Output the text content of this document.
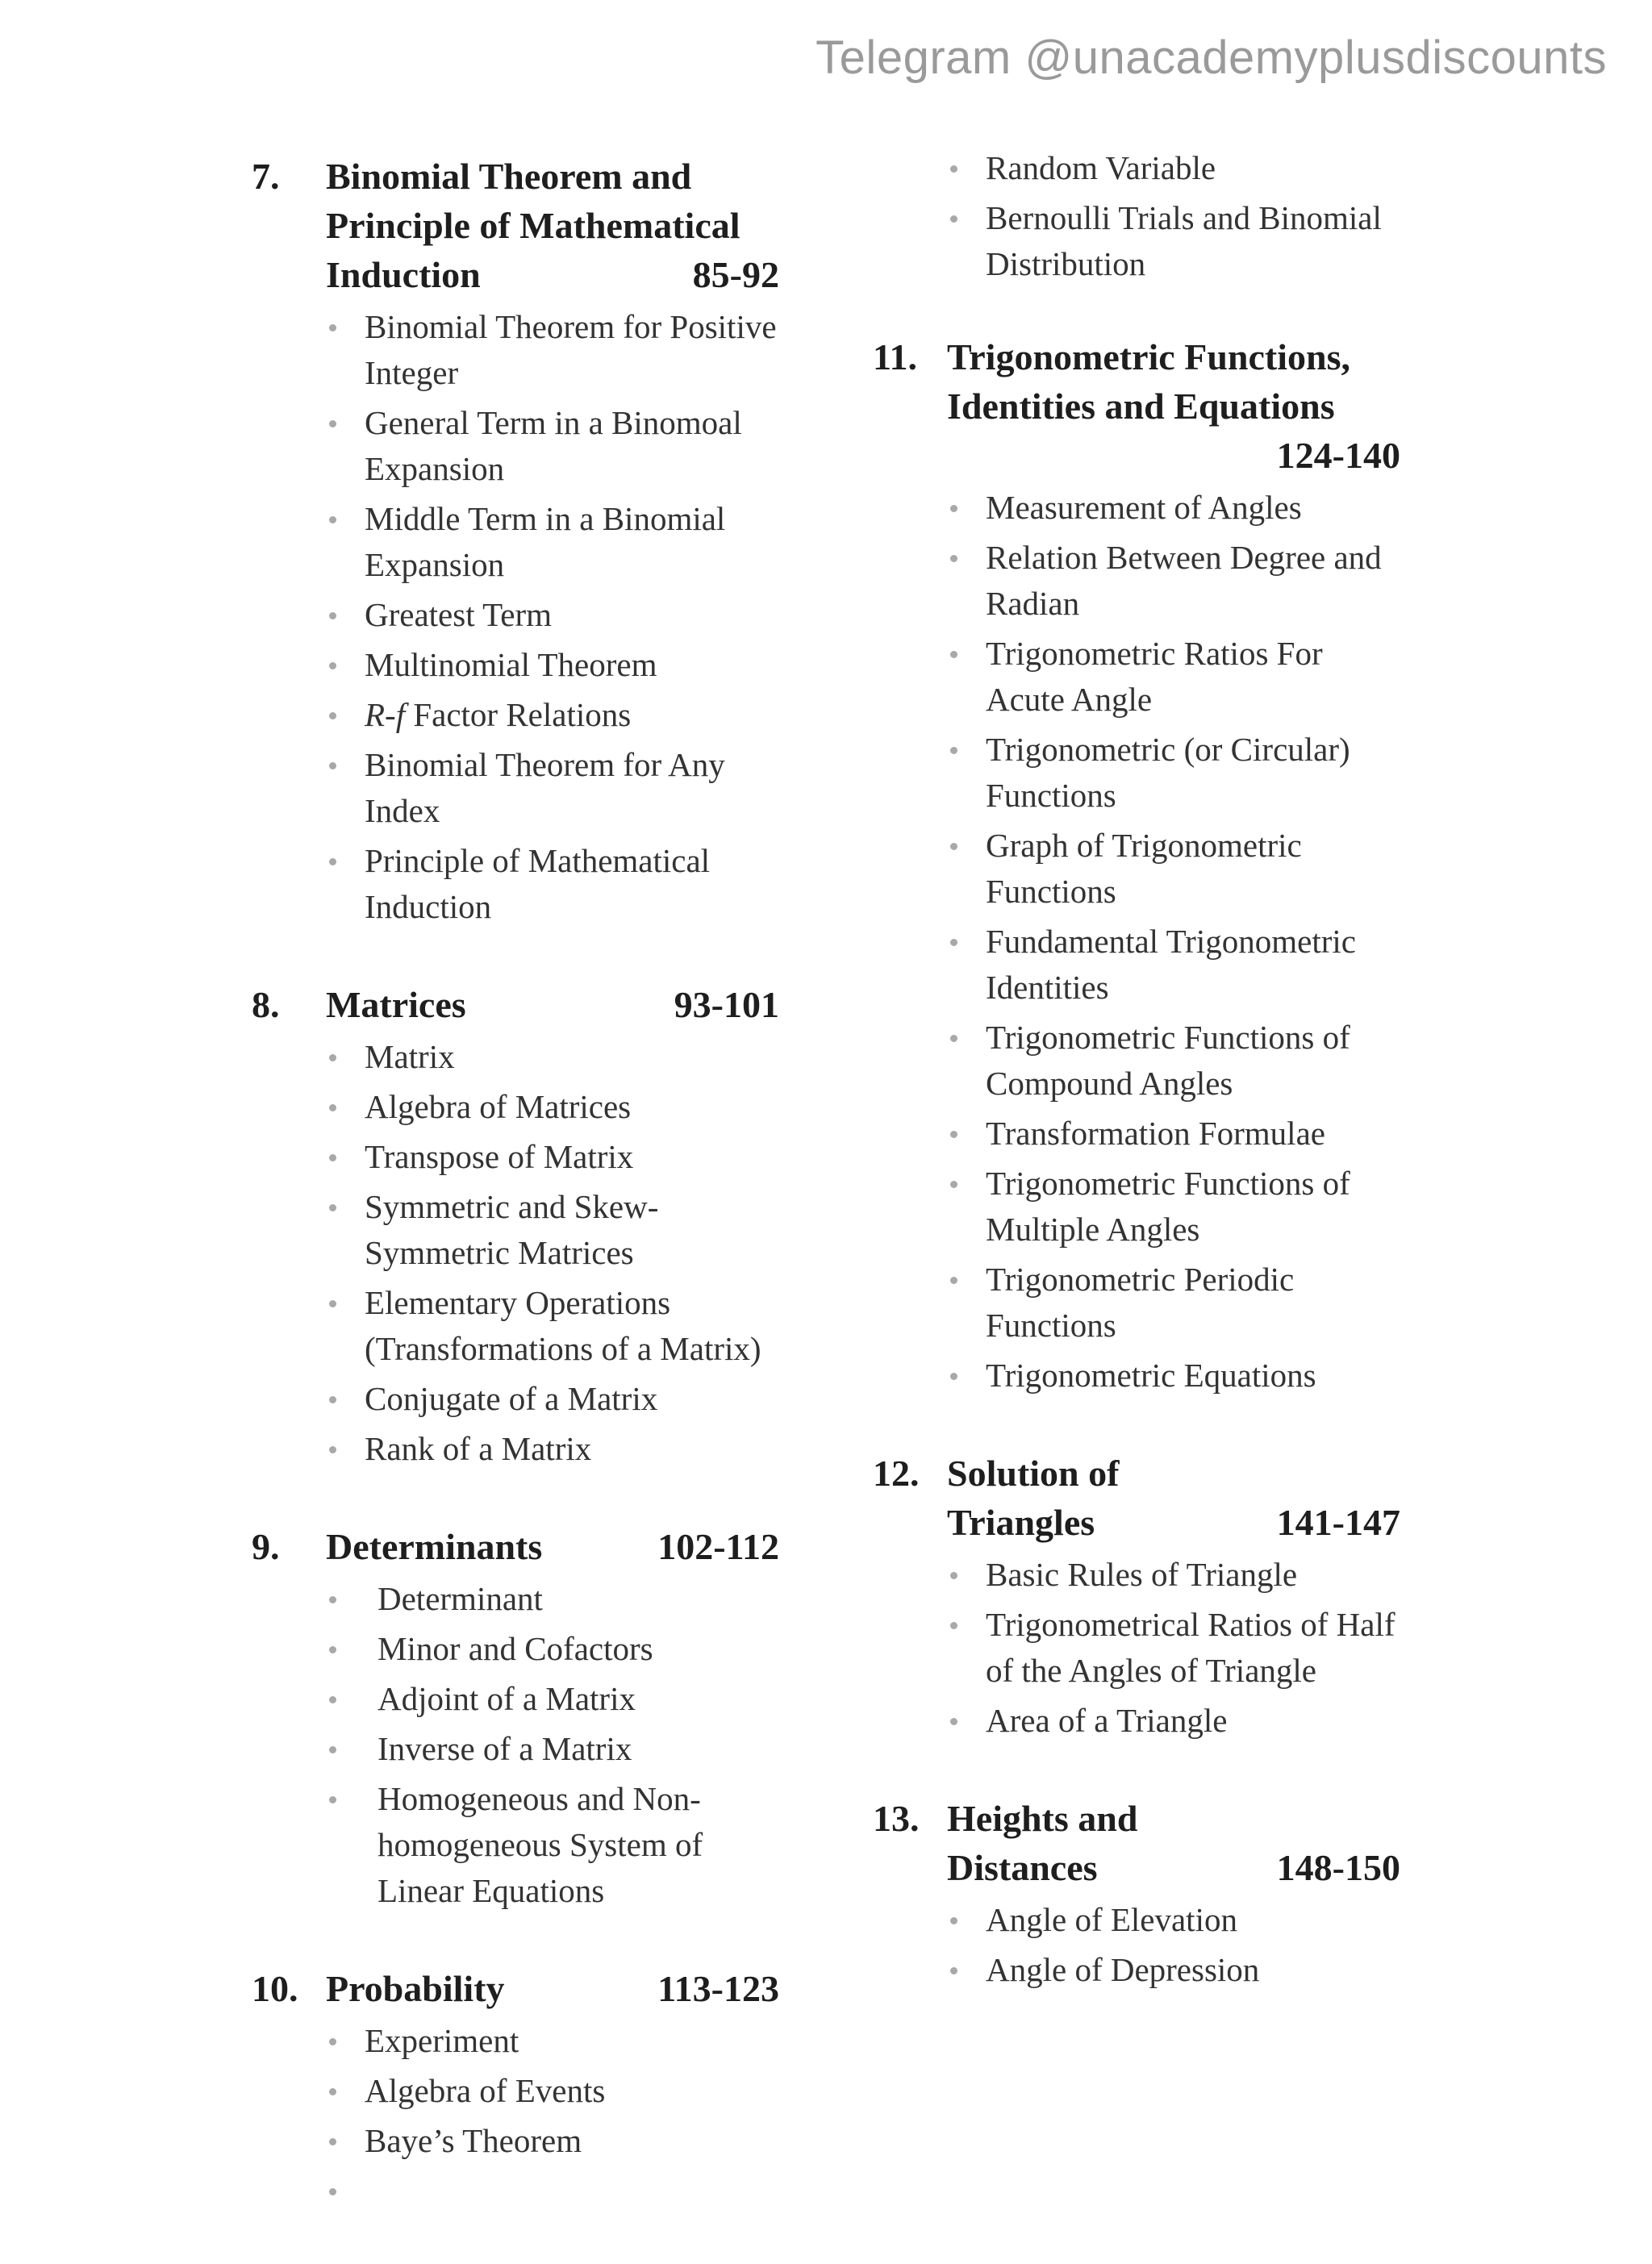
Telegram @unacademyplusdiscounts
7. Binomial Theorem and
Principle of Mathematical
Induction	85-92
Binomial Theorem for Positive Integer
General Term in a Binomoal Expansion
Middle Term in a Binomial Expansion
Greatest Term
Multinomial Theorem
R-f Factor Relations
Binomial Theorem for Any Index
Principle of Mathematical Induction
8. Matrices	93-101
Matrix
Algebra of Matrices
Transpose of Matrix
Symmetric and Skew-Symmetric Matrices
Elementary Operations (Transformations of a Matrix)
Conjugate of a Matrix
Rank of a Matrix
9. Determinants	102-112
Determinant
Minor and Cofactors
Adjoint of a Matrix
Inverse of a Matrix
Homogeneous and Non-homogeneous System of Linear Equations
10. Probability	113-123
Experiment
Algebra of Events
Baye’s Theorem

Random Variable
Bernoulli Trials and Binomial Distribution
11. Trigonometric Functions,
Identities and Equations
124-140
Measurement of Angles
Relation Between Degree and Radian
Trigonometric Ratios For Acute Angle
Trigonometric (or Circular) Functions
Graph of Trigonometric Functions
Fundamental Trigonometric Identities
Trigonometric Functions of Compound Angles
Transformation Formulae
Trigonometric Functions of Multiple Angles
Trigonometric Periodic Functions
Trigonometric Equations
12. Solution of
Triangles	141-147
Basic Rules of Triangle
Trigonometrical Ratios of Half of the Angles of Triangle
Area of a Triangle
13. Heights and
Distances	148-150
Angle of Elevation
Angle of Depression
